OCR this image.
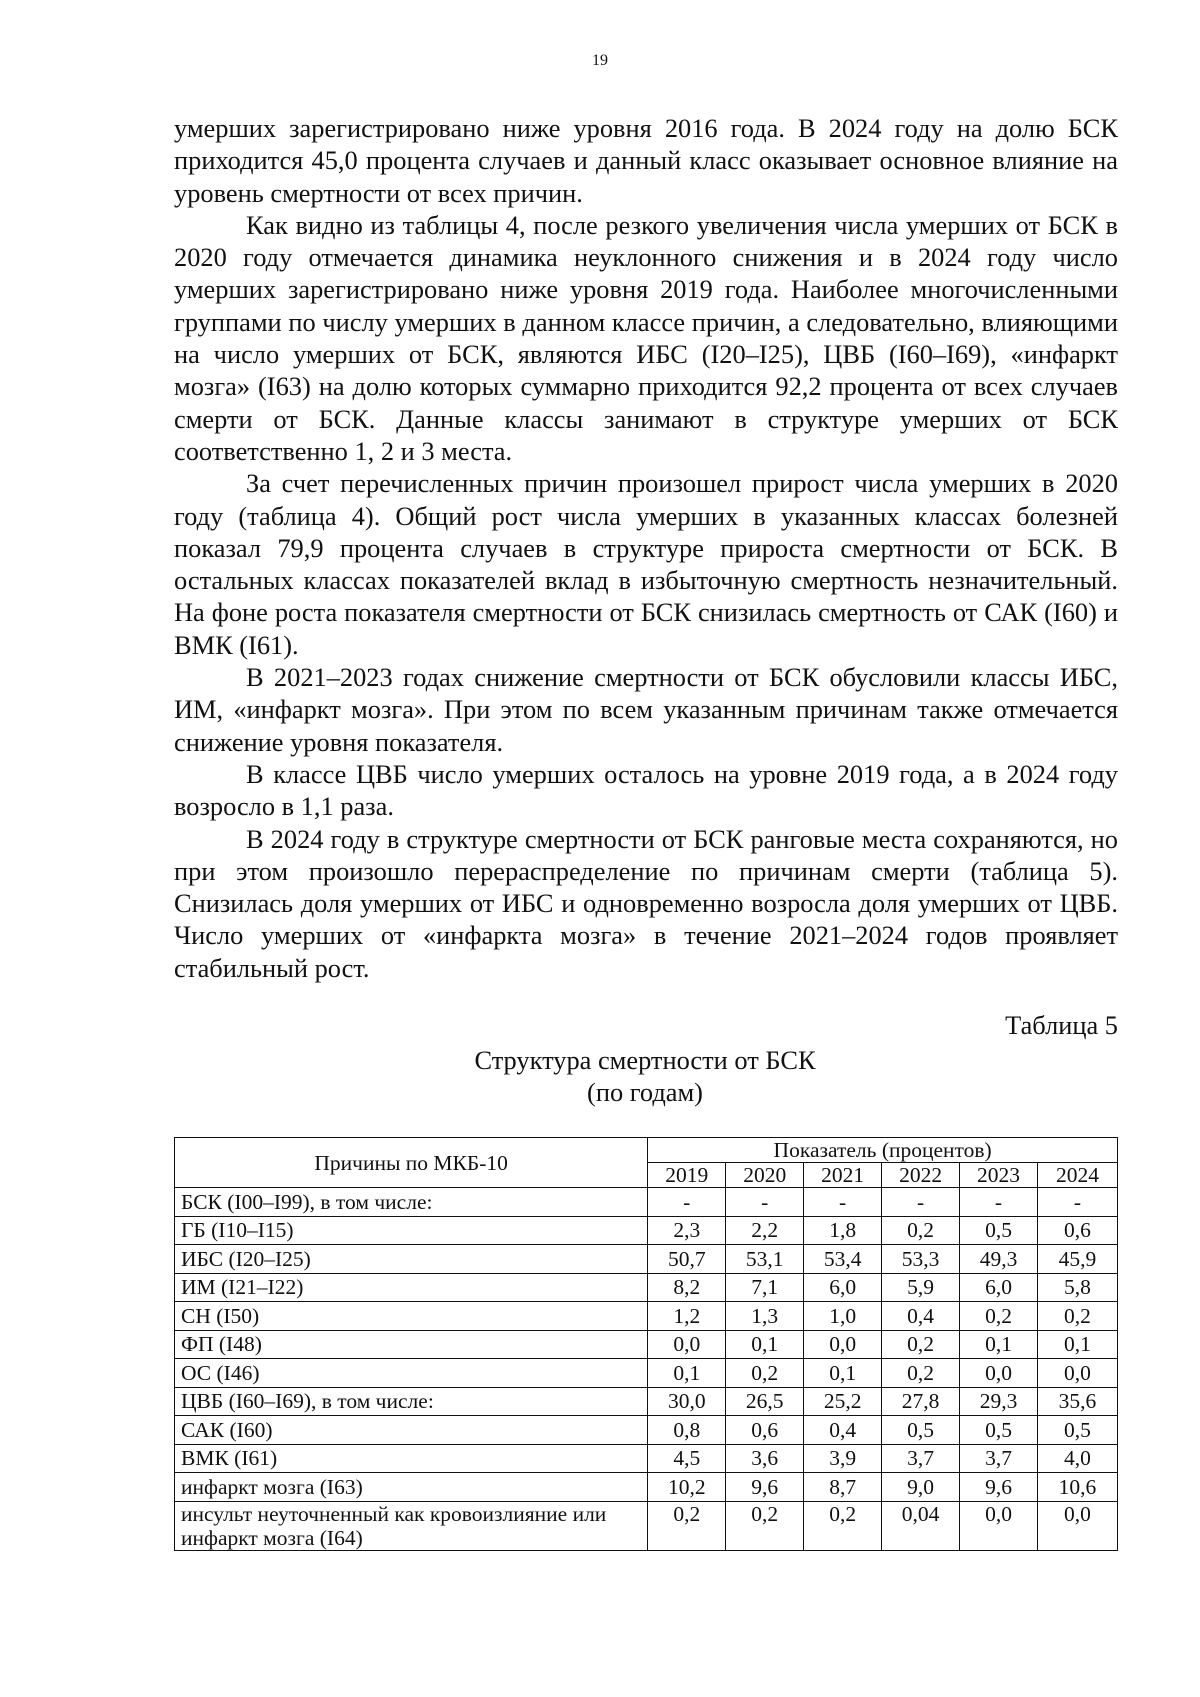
19

умерших зарегистрировано ниже уровня 2016 года. В 2024 году на долю БСК приходится 45,0 процента случаев и данный класс оказывает основное влияние на уровень смертности от всех причин.

Как видно из таблицы 4, после резкого увеличения числа умерших от БСК в 2020 году отмечается динамика неуклонного снижения и в 2024 году число умерших зарегистрировано ниже уровня 2019 года. Наиболее многочисленными группами по числу умерших в данном классе причин, а следовательно, влияющими на число умерших от БСК, являются ИБС (I20–I25), ЦВБ (I60–I69), «инфаркт мозга» (I63) на долю которых суммарно приходится 92,2 процента от всех случаев смерти от БСК. Данные классы занимают в структуре умерших от БСК соответственно 1, 2 и 3 места.

За счет перечисленных причин произошел прирост числа умерших в 2020 году (таблица 4). Общий рост числа умерших в указанных классах болезней показал 79,9 процента случаев в структуре прироста смертности от БСК. В остальных классах показателей вклад в избыточную смертность незначительный. На фоне роста показателя смертности от БСК снизилась смертность от САК (I60) и ВМК (I61).

В 2021–2023 годах снижение смертности от БСК обусловили классы ИБС, ИМ, «инфаркт мозга». При этом по всем указанным причинам также отмечается снижение уровня показателя.

В классе ЦВБ число умерших осталось на уровне 2019 года, а в 2024 году возросло в 1,1 раза.

В 2024 году в структуре смертности от БСК ранговые места сохраняются, но при этом произошло перераспределение по причинам смерти (таблица 5). Снизилась доля умерших от ИБС и одновременно возросла доля умерших от ЦВБ. Число умерших от «инфаркта мозга» в течение 2021–2024 годов проявляет стабильный рост.

Таблица 5
Структура смертности от БСК
(по годам)
Причины по МКБ-10	Показатель (процентов)					
	2019	2020	2021	2022	2023	2024
БСК (I00–I99), в том числе:	-	-	-	-	-	-
ГБ (I10–I15)	2,3	2,2	1,8	0,2	0,5	0,6
ИБС (I20–I25)	50,7	53,1	53,4	53,3	49,3	45,9
ИМ (I21–I22)	8,2	7,1	6,0	5,9	6,0	5,8
СН (I50)	1,2	1,3	1,0	0,4	0,2	0,2
ФП (I48)	0,0	0,1	0,0	0,2	0,1	0,1
ОС (I46)	0,1	0,2	0,1	0,2	0,0	0,0
ЦВБ (I60–I69), в том числе:	30,0	26,5	25,2	27,8	29,3	35,6
САК (I60)	0,8	0,6	0,4	0,5	0,5	0,5
ВМК (I61)	4,5	3,6	3,9	3,7	3,7	4,0
инфаркт мозга (I63)	10,2	9,6	8,7	9,0	9,6	10,6
инсульт неуточненный как кровоизлияние или инфаркт мозга (I64)	0,2	0,2	0,2	0,04	0,0	0,0
